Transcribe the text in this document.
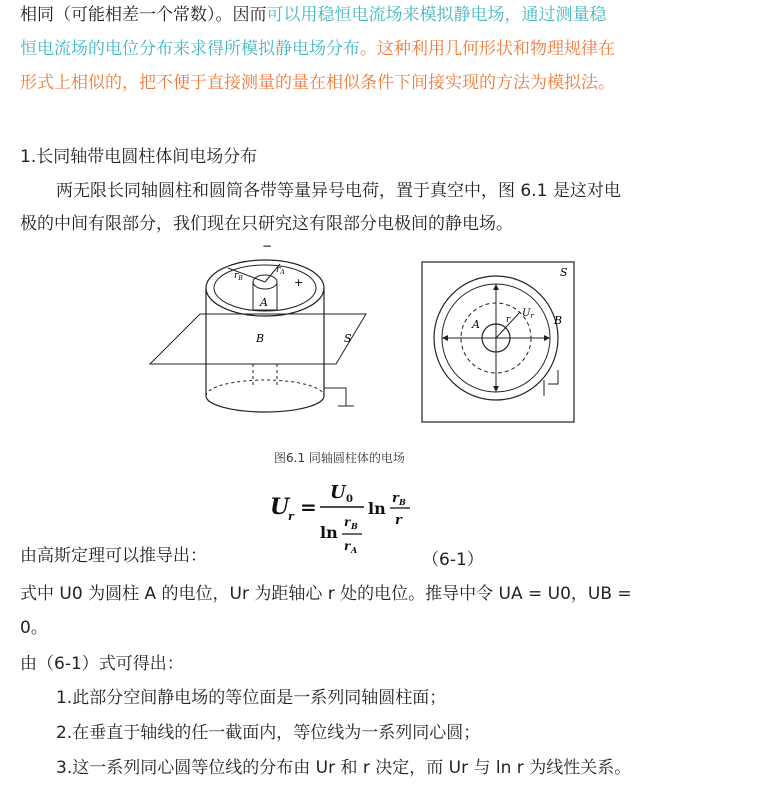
相同（可能相差一个常数）。因而可以用稳恒电流场来模拟静电场，通过测量稳
恒电流场的电位分布来求得所模拟静电场分布。这种利用几何形状和物理规律在
形式上相似的，把不便于直接测量的量在相似条件下间接实现的方法为模拟法。
1.长同轴带电圆柱体间电场分布
两无限长同轴圆柱和圆筒各带等量异号电荷，置于真空中，图 6.1 是这对电
极的中间有限部分，我们现在只研究这有限部分电极间的静电场。
−
+
A
B	S
$r_B$
$r_A$	S
A	B
r
$U_r$
图6.1 同轴圆柱体的电场
U
r =
U 0
ln
r B
r A
ln
r B
r
由高斯定理可以推导出：	（6-1）
式中 U0 为圆柱 A 的电位，Ur 为距轴心 r 处的电位。推导中令 UA = U0，UB =
0。
由（6-1）式可得出：
1.此部分空间静电场的等位面是一系列同轴圆柱面；
2.在垂直于轴线的任一截面内，等位线为一系列同心圆；
3.这一系列同心圆等位线的分布由 Ur 和 r 决定，而 Ur 与 ln r 为线性关系。
